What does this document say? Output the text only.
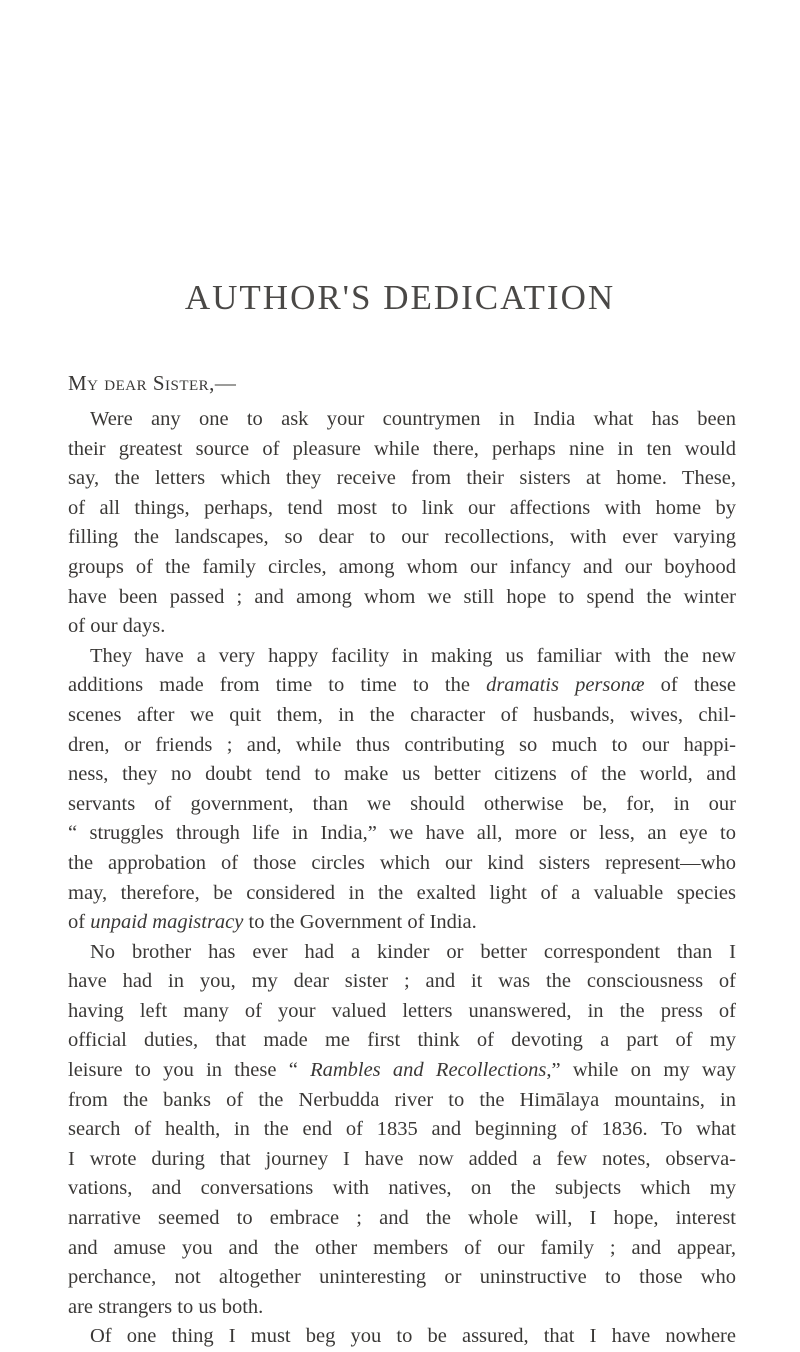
AUTHOR'S DEDICATION

My dear Sister,—

Were any one to ask your countrymen in India what has been
their greatest source of pleasure while there, perhaps nine in ten would
say, the letters which they receive from their sisters at home. These,
of all things, perhaps, tend most to link our affections with home by
filling the landscapes, so dear to our recollections, with ever varying
groups of the family circles, among whom our infancy and our boyhood
have been passed ; and among whom we still hope to spend the winter
of our days.
They have a very happy facility in making us familiar with the new
additions made from time to time to the dramatis personæ of these
scenes after we quit them, in the character of husbands, wives, chil-
dren, or friends ; and, while thus contributing so much to our happi-
ness, they no doubt tend to make us better citizens of the world, and
servants of government, than we should otherwise be, for, in our
“ struggles through life in India,” we have all, more or less, an eye to
the approbation of those circles which our kind sisters represent—who
may, therefore, be considered in the exalted light of a valuable species
of unpaid magistracy to the Government of India.
No brother has ever had a kinder or better correspondent than I
have had in you, my dear sister ; and it was the consciousness of
having left many of your valued letters unanswered, in the press of
official duties, that made me first think of devoting a part of my
leisure to you in these “ Rambles and Recollections,” while on my way
from the banks of the Nerbudda river to the Himālaya mountains, in
search of health, in the end of 1835 and beginning of 1836. To what
I wrote during that journey I have now added a few notes, observa-
vations, and conversations with natives, on the subjects which my
narrative seemed to embrace ; and the whole will, I hope, interest
and amuse you and the other members of our family ; and appear,
perchance, not altogether uninteresting or uninstructive to those who
are strangers to us both.
Of one thing I must beg you to be assured, that I have nowhere
